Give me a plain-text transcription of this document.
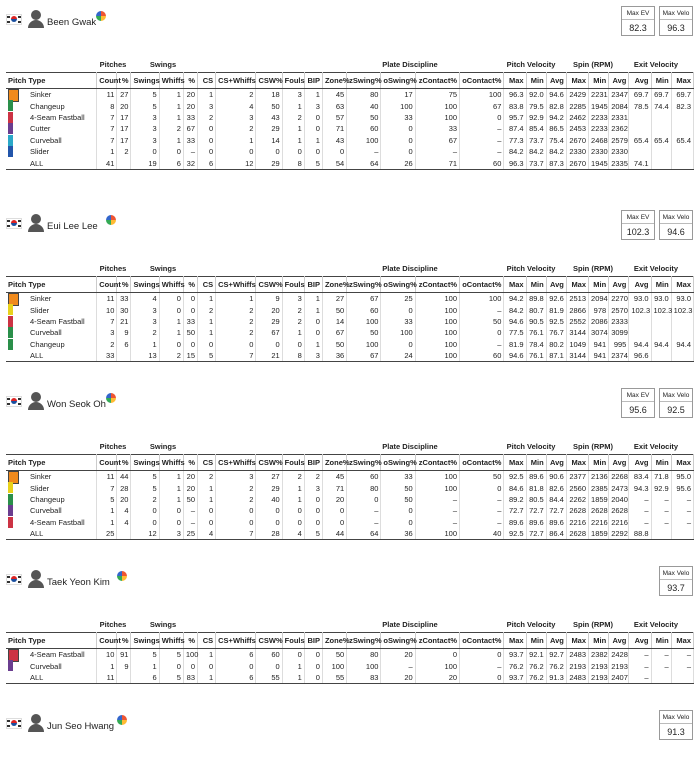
Been Gwak
Max EV
82.3
Max Velo
96.3
Pitches	Swings	Plate Discipline	Pitch Velocity Spin (RPM)	Exit Velocity
Pitch Type	Count	%	Swings	Whiffs	%	CS	CS+Whiffs	CSW%	Fouls	BIP	Zone%	zSwing%	oSwing%	zContact%	oContact%	Max	Min	Avg	Max	Min	Avg	Avg	Min	Max

Sinker	11	27	5	1	20	1	2	18	3	1	45	80	17	75	100	96.3	92.0	94.6	2429	2231	2347	69.7	69.7	69.7

Changeup	8	20	5	1	20	3	4	50	1	3	63	40	100	100	67	83.8	79.5	82.8	2285	1945	2084	78.5	74.4	82.3

4-Seam Fastball	7	17	3	1	33	2	3	43	2	0	57	50	33	100	0	95.7	92.9	94.2	2462	2233	2331			

Cutter	7	17	3	2	67	0	2	29	1	0	71	60	0	33	–	87.4	85.4	86.5	2453	2233	2362			

Curveball	7	17	3	1	33	0	1	14	1	1	43	100	0	67	–	77.3	73.7	75.4	2670	2468	2579	65.4	65.4	65.4

Slider	1	2	0	0	–	0	0	0	0	0	0	–	0	–	–	84.2	84.2	84.2	2330	2330	2330			
ALL	41		19	6	32	6	12	29	8	5	54	64	26	71	60	96.3	73.7	87.3	2670	1945	2335	74.1		
Eui Lee Lee
Max EV
102.3
Max Velo
94.6
Pitches	Swings	Plate Discipline	Pitch Velocity Spin (RPM)	Exit Velocity
Pitch Type	Count	%	Swings	Whiffs	%	CS	CS+Whiffs	CSW%	Fouls	BIP	Zone%	zSwing%	oSwing%	zContact%	oContact%	Max	Min	Avg	Max	Min	Avg	Avg	Min	Max

Sinker	11	33	4	0	0	1	1	9	3	1	27	67	25	100	100	94.2	89.8	92.6	2513	2094	2270	93.0	93.0	93.0

Slider	10	30	3	0	0	2	2	20	2	1	50	60	0	100	–	84.2	80.7	81.9	2866	978	2570	102.3	102.3	102.3

4-Seam Fastball	7	21	3	1	33	1	2	29	2	0	14	100	33	100	50	94.6	90.5	92.5	2552	2086	2333			

Curveball	3	9	2	1	50	1	2	67	1	0	67	50	100	100	0	77.5	76.1	76.7	3144	3074	3099			

Changeup	2	6	1	0	0	0	0	0	0	1	50	100	0	100	–	81.9	78.4	80.2	1049	941	995	94.4	94.4	94.4
ALL	33		13	2	15	5	7	21	8	3	36	67	24	100	60	94.6	76.1	87.1	3144	941	2374	96.6		
Won Seok Oh
Max EV
95.6
Max Velo
92.5
Pitches	Swings	Plate Discipline	Pitch Velocity Spin (RPM)	Exit Velocity
Pitch Type	Count	%	Swings	Whiffs	%	CS	CS+Whiffs	CSW%	Fouls	BIP	Zone%	zSwing%	oSwing%	zContact%	oContact%	Max	Min	Avg	Max	Min	Avg	Avg	Min	Max

Sinker	11	44	5	1	20	2	3	27	2	2	45	60	33	100	50	92.5	89.6	90.6	2377	2136	2268	83.4	71.8	95.0

Slider	7	28	5	1	20	1	2	29	1	3	71	80	50	100	0	84.6	81.8	82.6	2560	2385	2473	94.3	92.9	95.6

Changeup	5	20	2	1	50	1	2	40	1	0	20	0	50	–	–	89.2	80.5	84.4	2262	1859	2040	–	–	–

Curveball	1	4	0	0	–	0	0	0	0	0	0	–	0	–	–	72.7	72.7	72.7	2628	2628	2628	–	–	–

4-Seam Fastball	1	4	0	0	–	0	0	0	0	0	0	–	0	–	–	89.6	89.6	89.6	2216	2216	2216	–	–	–
ALL	25		12	3	25	4	7	28	4	5	44	64	36	100	40	92.5	72.7	86.4	2628	1859	2292	88.8		
Taek Yeon Kim
Max Velo
93.7
Pitches	Swings	Plate Discipline	Pitch Velocity Spin (RPM)	Exit Velocity
Pitch Type	Count	%	Swings	Whiffs	%	CS	CS+Whiffs	CSW%	Fouls	BIP	Zone%	zSwing%	oSwing%	zContact%	oContact%	Max	Min	Avg	Max	Min	Avg	Avg	Min	Max

4-Seam Fastball	10	91	5	5	100	1	6	60	0	0	50	80	20	0	0	93.7	92.1	92.7	2483	2382	2428	–	–	–

Curveball	1	9	1	0	0	0	0	0	1	0	100	100	–	100	–	76.2	76.2	76.2	2193	2193	2193	–	–	–
ALL	11		6	5	83	1	6	55	1	0	55	83	20	20	0	93.7	76.2	91.3	2483	2193	2407	–		
Jun Seo Hwang
Max Velo
91.3
